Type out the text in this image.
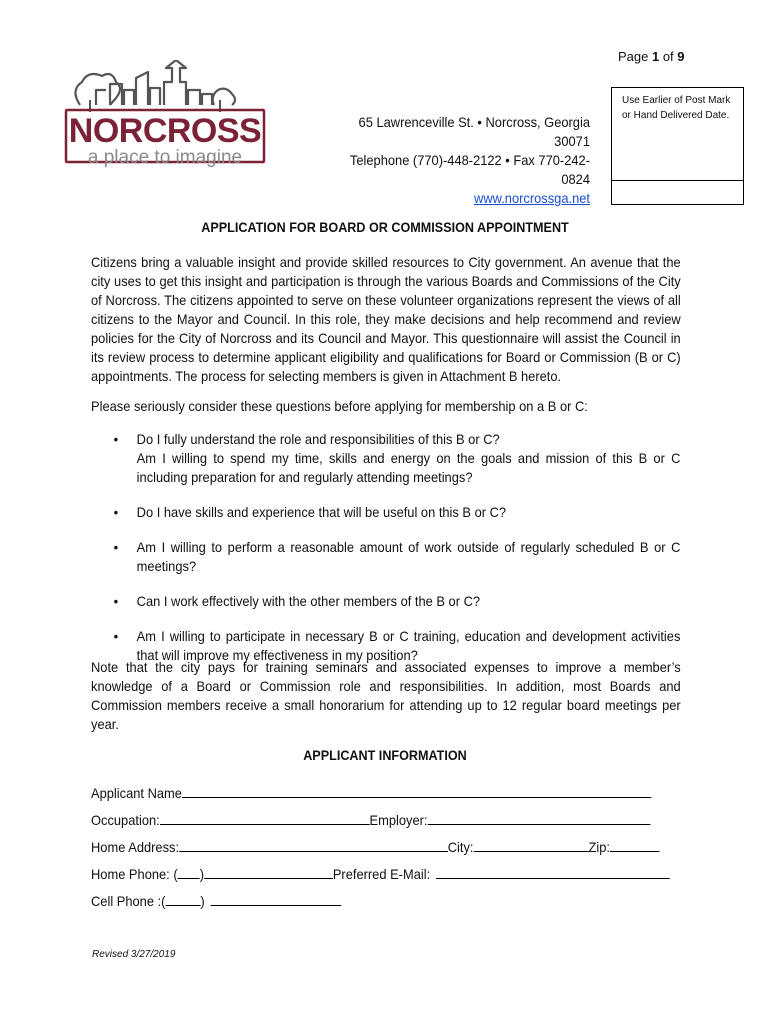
Page 1 of 9
NORCROSS
a place to imagine
65 Lawrenceville St. • Norcross, Georgia 30071
Telephone (770)-448-2122 • Fax 770-242-0824
www.norcrossga.net
Use Earlier of Post Mark
or Hand Delivered Date.
APPLICATION FOR BOARD OR COMMISSION APPOINTMENT
Citizens bring a valuable insight and provide skilled resources to City government. An avenue that the city uses to get this insight and participation is through the various Boards and Commissions of the City of Norcross. The citizens appointed to serve on these volunteer organizations represent the views of all citizens to the Mayor and Council. In this role, they make decisions and help recommend and review policies for the City of Norcross and its Council and Mayor. This questionnaire will assist the Council in its review process to determine applicant eligibility and qualifications for Board or Commission (B or C) appointments. The process for selecting members is given in Attachment B hereto.
Please seriously consider these questions before applying for membership on a B or C:
• Do I fully understand the role and responsibilities of this B or C?
Am I willing to spend my time, skills and energy on the goals and mission of this B or C including preparation for and regularly attending meetings?
• Do I have skills and experience that will be useful on this B or C?
• Am I willing to perform a reasonable amount of work outside of regularly scheduled B or C meetings?
• Can I work effectively with the other members of the B or C?
• Am I willing to participate in necessary B or C training, education and development activities that will improve my effectiveness in my position?
Note that the city pays for training seminars and associated expenses to improve a member’s knowledge of a Board or Commission role and responsibilities. In addition, most Boards and Commission members receive a small honorarium for attending up to 12 regular board meetings per year.
APPLICANT INFORMATION
Applicant Name
Occupation:	Employer:
Home Address:	City:	Zip:
Home Phone: ( )	Preferred E-Mail:
Cell Phone :( )
Revised 3/27/2019
